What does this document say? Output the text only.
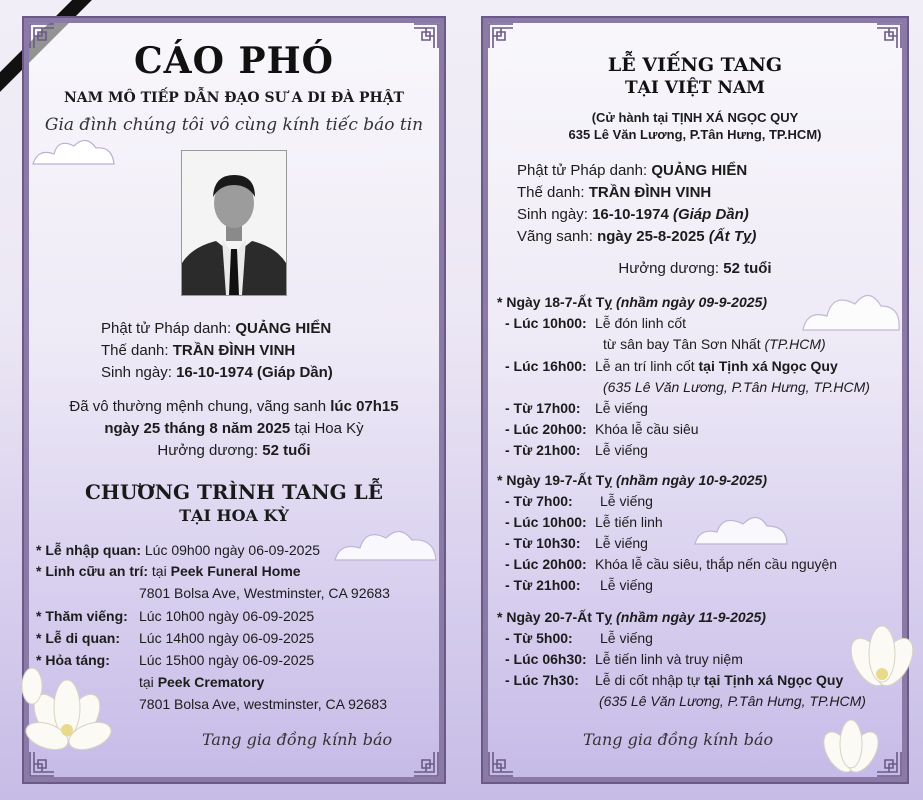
CÁO PHÓ
NAM MÔ TIẾP DẪN ĐẠO SƯ A DI ĐÀ PHẬT
Gia đình chúng tôi vô cùng kính tiếc báo tin
Phật tử Pháp danh: QUẢNG HIỂN
Thế danh: TRẦN ĐÌNH VINH
Sinh ngày: 16-10-1974 (Giáp Dần)
Đã vô thường mệnh chung, vãng sanh lúc 07h15
ngày 25 tháng 8 năm 2025 tại Hoa Kỳ
Hưởng dương: 52 tuổi
CHƯƠNG TRÌNH TANG LỄ
TẠI HOA KỲ
* Lễ nhập quan: Lúc 09h00 ngày 06-09-2025
* Linh cữu an trí: tại Peek Funeral Home
7801 Bolsa Ave, Westminster, CA 92683
* Thăm viếng: Lúc 10h00 ngày 06-09-2025
* Lễ di quan: Lúc 14h00 ngày 06-09-2025
* Hỏa táng: Lúc 15h00 ngày 06-09-2025
tại Peek Crematory
7801 Bolsa Ave, westminster, CA 92683
Tang gia đồng kính báo
LỄ VIẾNG TANG
TẠI VIỆT NAM
(Cử hành tại TỊNH XÁ NGỌC QUY
635 Lê Văn Lương, P.Tân Hưng, TP.HCM)
Phật tử Pháp danh: QUẢNG HIỂN
Thế danh: TRẦN ĐÌNH VINH
Sinh ngày: 16-10-1974 (Giáp Dần)
Vãng sanh: ngày 25-8-2025 (Ất Tỵ)
Hưởng dương: 52 tuổi
* Ngày 18-7-Ất Tỵ (nhầm ngày 09-9-2025)
- Lúc 10h00: Lễ đón linh cốt
từ sân bay Tân Sơn Nhất (TP.HCM)
- Lúc 16h00: Lễ an trí linh cốt tại Tịnh xá Ngọc Quy
(635 Lê Văn Lương, P.Tân Hưng, TP.HCM)
- Từ 17h00: Lễ viếng
- Lúc 20h00: Khóa lễ cầu siêu
- Từ 21h00: Lễ viếng
* Ngày 19-7-Ất Tỵ (nhầm ngày 10-9-2025)
- Từ 7h00: Lễ viếng
- Lúc 10h00: Lễ tiến linh
- Từ 10h30: Lễ viếng
- Lúc 20h00: Khóa lễ cầu siêu, thắp nến cầu nguyện
- Từ 21h00: Lễ viếng
* Ngày 20-7-Ất Tỵ (nhầm ngày 11-9-2025)
- Từ 5h00: Lễ viếng
- Lúc 06h30: Lễ tiến linh và truy niệm
- Lúc 7h30: Lễ di cốt nhập tự tại Tịnh xá Ngọc Quy
(635 Lê Văn Lương, P.Tân Hưng, TP.HCM)
Tang gia đồng kính báo
